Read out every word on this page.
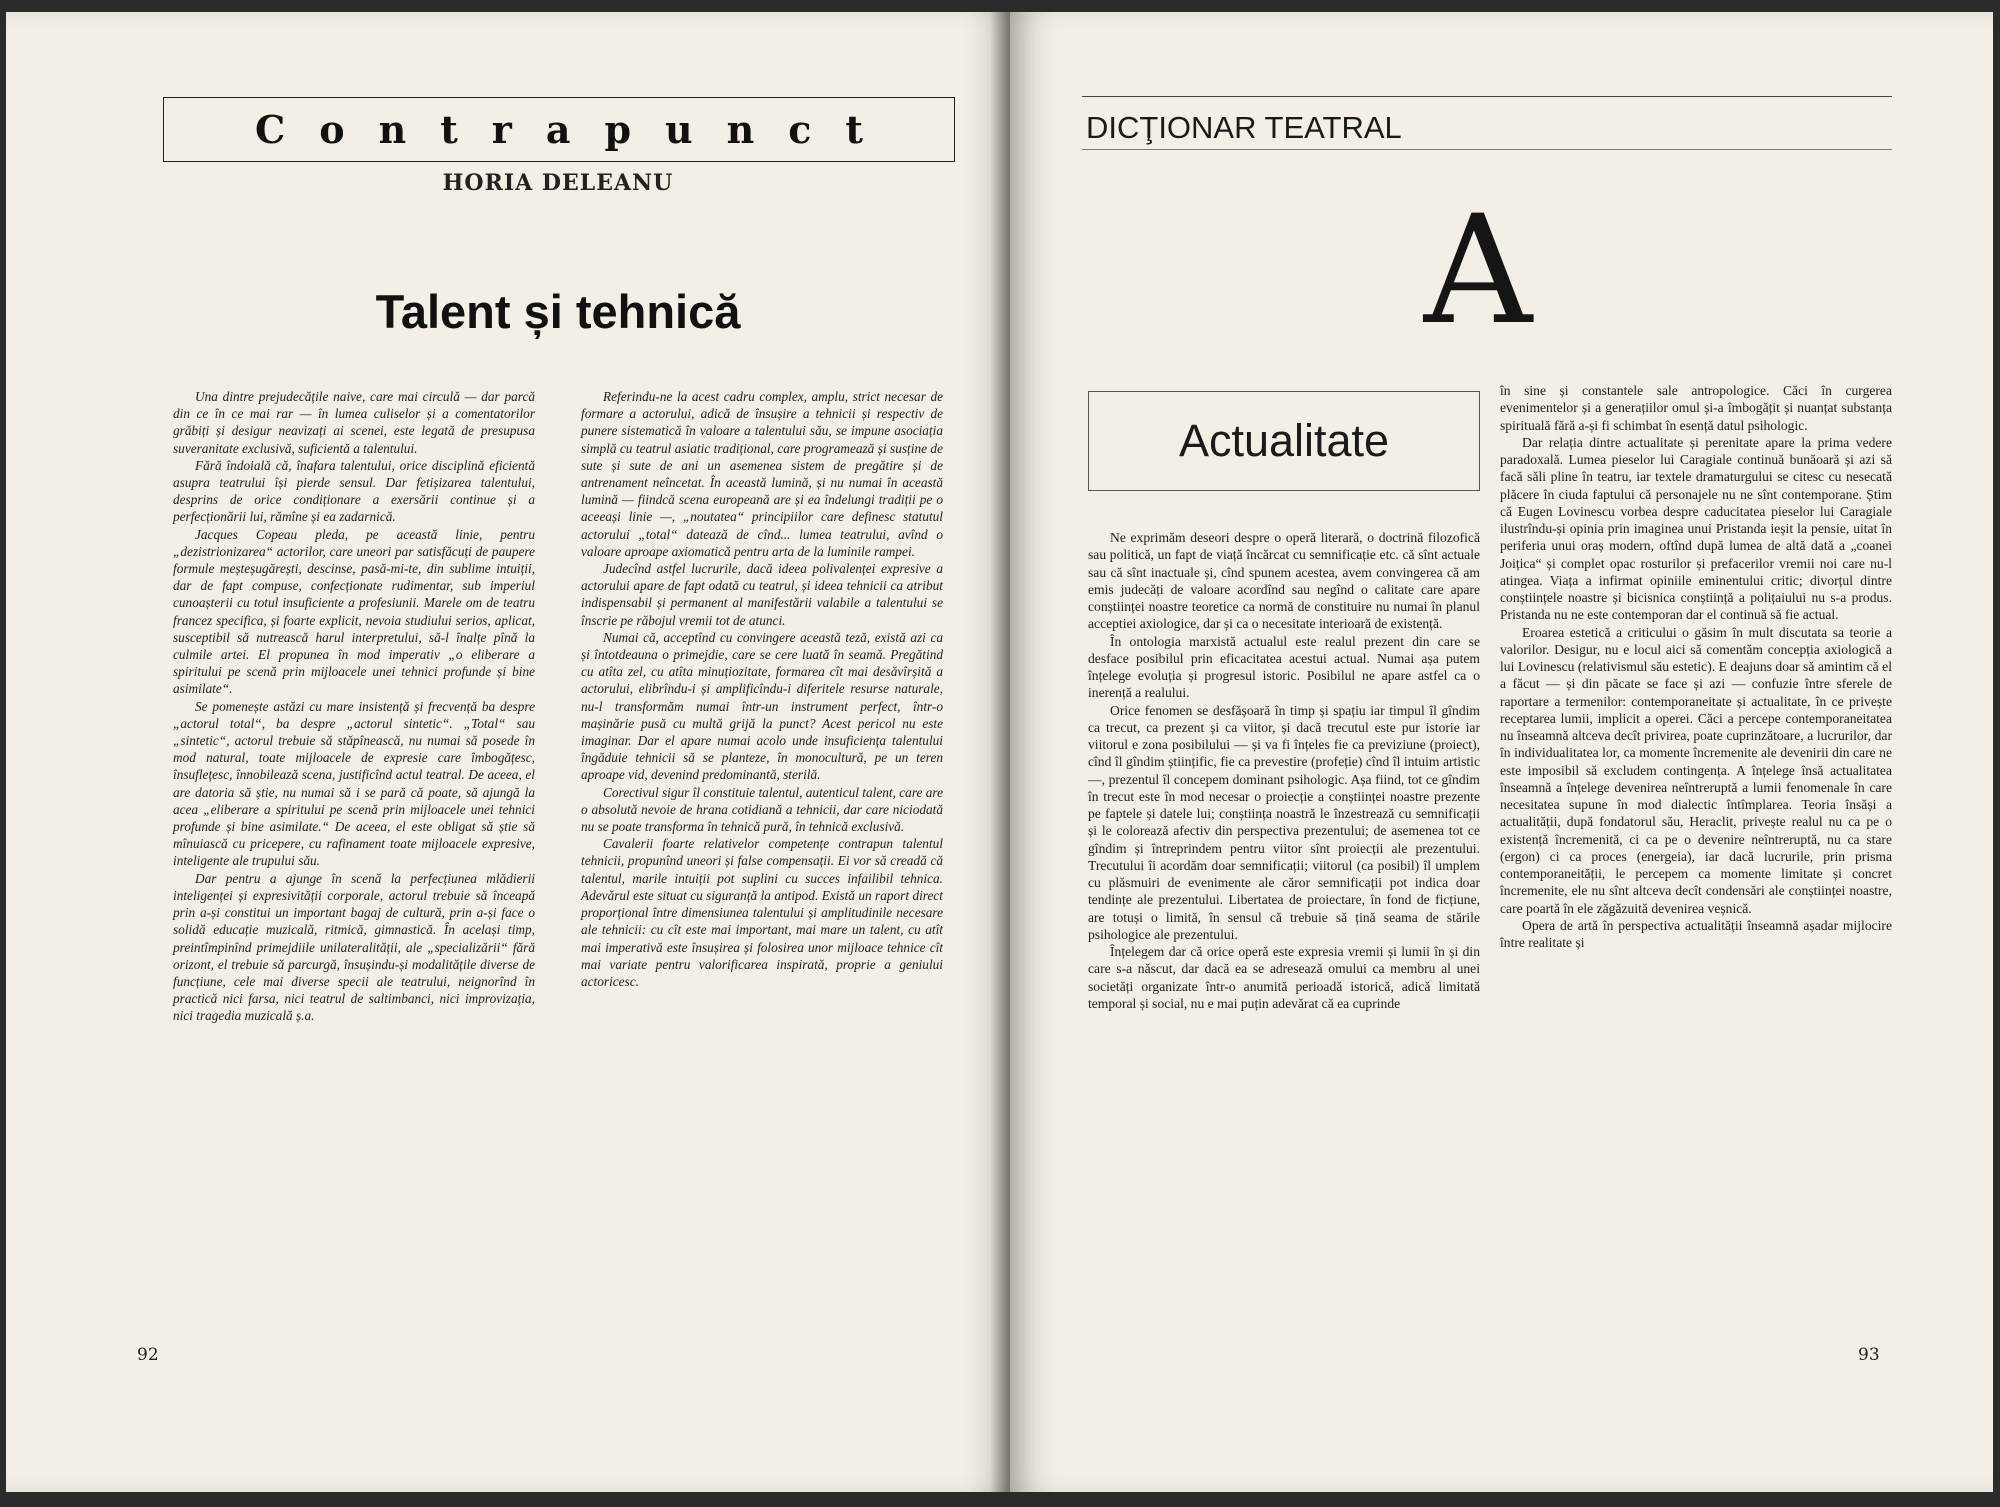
Contrapunct
HORIA DELEANU
Talent și tehnică

Una dintre prejudecățile naive, care mai circulă — dar parcă din ce în ce mai rar — în lumea culiselor și a comentatorilor grăbiți și desigur neavizați ai scenei, este legată de presupusa suveranitate exclusivă, suficientă a talentului.

Fără îndoială că, înafara talentului, orice disciplină eficientă asupra teatrului își pierde sensul. Dar fetișizarea talentului, desprins de orice condiționare a exersării continue și a perfecționării lui, rămîne și ea zadarnică.

Jacques Copeau pleda, pe această linie, pentru „dezistrionizarea“ actorilor, care uneori par satisfăcuți de paupere formule meșteșugărești, descinse, pasă-mi-te, din sublime intuiții, dar de fapt compuse, confecționate rudimentar, sub imperiul cunoașterii cu totul insuficiente a profesiunii. Marele om de teatru francez specifica, și foarte explicit, nevoia studiului serios, aplicat, susceptibil să nutrească harul interpretului, să-l înalțe pînă la culmile artei. El propunea în mod imperativ „o eliberare a spiritului pe scenă prin mijloacele unei tehnici profunde și bine asimilate“.

Se pomenește astăzi cu mare insistență și frecvență ba despre „actorul total“, ba despre „actorul sintetic“. „Total“ sau „sintetic“, actorul trebuie să stăpînească, nu numai să posede în mod natural, toate mijloacele de expresie care îmbogățesc, însuflețesc, înnobilează scena, justificînd actul teatral. De aceea, el are datoria să știe, nu numai să i se pară că poate, să ajungă la acea „eliberare a spiritului pe scenă prin mijloacele unei tehnici profunde și bine asimilate.“ De aceea, el este obligat să știe să mînuiască cu pricepere, cu rafinament toate mijloacele expresive, inteligente ale trupului său.

Dar pentru a ajunge în scenă la perfecțiunea mlădierii inteligenței și expresivității corporale, actorul trebuie să înceapă prin a-și constitui un important bagaj de cultură, prin a-și face o solidă educație muzicală, ritmică, gimnastică. În același timp, preintîmpinînd primejdiile unilateralității, ale „specializării“ fără orizont, el trebuie să parcurgă, însușindu-și modalitățile diverse de funcțiune, cele mai diverse specii ale teatrului, neignorînd în practică nici farsa, nici teatrul de saltimbanci, nici improvizația, nici tragedia muzicală ș.a.

Referindu-ne la acest cadru complex, amplu, strict necesar de formare a actorului, adică de însușire a tehnicii și respectiv de punere sistematică în valoare a talentului său, se impune asociația simplă cu teatrul asiatic tradițional, care programează și susține de sute și sute de ani un asemenea sistem de pregătire și de antrenament neîncetat. În această lumină, și nu numai în această lumină — fiindcă scena europeană are și ea îndelungi tradiții pe o aceeași linie —, „noutatea“ principiilor care definesc statutul actorului „total“ datează de cînd... lumea teatrului, avînd o valoare aproape axiomatică pentru arta de la luminile rampei.

Judecînd astfel lucrurile, dacă ideea polivalenței expresive a actorului apare de fapt odată cu teatrul, și ideea tehnicii ca atribut indispensabil și permanent al manifestării valabile a talentului se înscrie pe răbojul vremii tot de atunci.

Numai că, acceptînd cu convingere această teză, există azi ca și întotdeauna o primejdie, care se cere luată în seamă. Pregătind cu atîta zel, cu atîta minuțiozitate, formarea cît mai desăvîrșită a actorului, elibrîndu-i și amplificîndu-i diferitele resurse naturale, nu-l transformăm numai într-un instrument perfect, într-o mașinărie pusă cu multă grijă la punct? Acest pericol nu este imaginar. Dar el apare numai acolo unde insuficiența talentului îngăduie tehnicii să se planteze, în monocultură, pe un teren aproape vid, devenind predominantă, sterilă.

Corectivul sigur îl constituie talentul, autenticul talent, care are o absolută nevoie de hrana cotidiană a tehnicii, dar care niciodată nu se poate transforma în tehnică pură, în tehnică exclusivă.

Cavalerii foarte relativelor competențe contrapun talentul tehnicii, propunînd uneori și false compensații. Ei vor să creadă că talentul, marile intuiții pot suplini cu succes infailibil tehnica. Adevărul este situat cu siguranță la antipod. Există un raport direct proporțional între dimensiunea talentului și amplitudinile necesare ale tehnicii: cu cît este mai important, mai mare un talent, cu atît mai imperativă este însușirea și folosirea unor mijloace tehnice cît mai variate pentru valorificarea inspirată, proprie a geniului actoricesc.

92
DICŢIONAR TEATRAL
A
Actualitate

Ne exprimăm deseori despre o operă literară, o doctrină filozofică sau politică, un fapt de viață încărcat cu semnificație etc. că sînt actuale sau că sînt inactuale și, cînd spunem acestea, avem convingerea că am emis judecăți de valoare acordînd sau negînd o calitate care apare conștiinței noastre teoretice ca normă de constituire nu numai în planul acceptiei axiologice, dar și ca o necesitate interioară de existență.

În ontologia marxistă actualul este realul prezent din care se desface posibilul prin eficacitatea acestui actual. Numai așa putem înțelege evoluția și progresul istoric. Posibilul ne apare astfel ca o inerență a realului.

Orice fenomen se desfășoară în timp și spațiu iar timpul îl gîndim ca trecut, ca prezent și ca viitor, și dacă trecutul este pur istorie iar viitorul e zona posibilului — și va fi înțeles fie ca previziune (proiect), cînd îl gîndim științific, fie ca prevestire (profeție) cînd îl intuim artistic —, prezentul îl concepem dominant psihologic. Așa fiind, tot ce gîndim în trecut este în mod necesar o proiecție a conștiinței noastre prezente pe faptele și datele lui; conștiința noastră le înzestrează cu semnificații și le colorează afectiv din perspectiva prezentului; de asemenea tot ce gîndim și întreprindem pentru viitor sînt proiecții ale prezentului. Trecutului îi acordăm doar semnificații; viitorul (ca posibil) îl umplem cu plăsmuiri de evenimente ale căror semnificații pot indica doar tendințe ale prezentului. Libertatea de proiectare, în fond de ficțiune, are totuși o limită, în sensul că trebuie să țină seama de stările psihologice ale prezentului.

Înțelegem dar că orice operă este expresia vremii și lumii în și din care s-a născut, dar dacă ea se adresează omului ca membru al unei societăți organizate într-o anumită perioadă istorică, adică limitată temporal și social, nu e mai puțin adevărat că ea cuprinde

în sine și constantele sale antropologice. Căci în curgerea evenimentelor și a generațiilor omul și-a îmbogățit și nuanțat substanța spirituală fără a-și fi schimbat în esență datul psihologic.

Dar relația dintre actualitate și perenitate apare la prima vedere paradoxală. Lumea pieselor lui Caragiale continuă bunăoară și azi să facă săli pline în teatru, iar textele dramaturgului se citesc cu nesecată plăcere în ciuda faptului că personajele nu ne sînt contemporane. Știm că Eugen Lovinescu vorbea despre caducitatea pieselor lui Caragiale ilustrîndu-și opinia prin imaginea unui Pristanda ieșit la pensie, uitat în periferia unui oraș modern, oftînd după lumea de altă dată a „coanei Joițica“ și complet opac rosturilor și prefacerilor vremii noi care nu-l atingea. Viața a infirmat opiniile eminentului critic; divorțul dintre conștiințele noastre și bicisnica conștiință a polițaiului nu s-a produs. Pristanda nu ne este contemporan dar el continuă să fie actual.

Eroarea estetică a criticului o găsim în mult discutata sa teorie a valorilor. Desigur, nu e locul aici să comentăm concepția axiologică a lui Lovinescu (relativismul său estetic). E deajuns doar să amintim că el a făcut — și din păcate se face și azi — confuzie între sferele de raportare a termenilor: contemporaneitate și actualitate, în ce privește receptarea lumii, implicit a operei. Căci a percepe contemporaneitatea nu înseamnă altceva decît privirea, poate cuprinzătoare, a lucrurilor, dar în individualitatea lor, ca momente încremenite ale devenirii din care ne este imposibil să excludem contingența. A înțelege însă actualitatea înseamnă a înțelege devenirea neîntreruptă a lumii fenomenale în care necesitatea supune în mod dialectic întîmplarea. Teoria însăși a actualității, după fondatorul său, Heraclit, privește realul nu ca pe o existență încremenită, ci ca pe o devenire neîntreruptă, nu ca stare (ergon) ci ca proces (energeia), iar dacă lucrurile, prin prisma contemporaneității, le percepem ca momente limitate și concret încremenite, ele nu sînt altceva decît condensări ale conștiinței noastre, care poartă în ele zăgăzuită devenirea veșnică.

Opera de artă în perspectiva actualității înseamnă așadar mijlocire între realitate și

93
